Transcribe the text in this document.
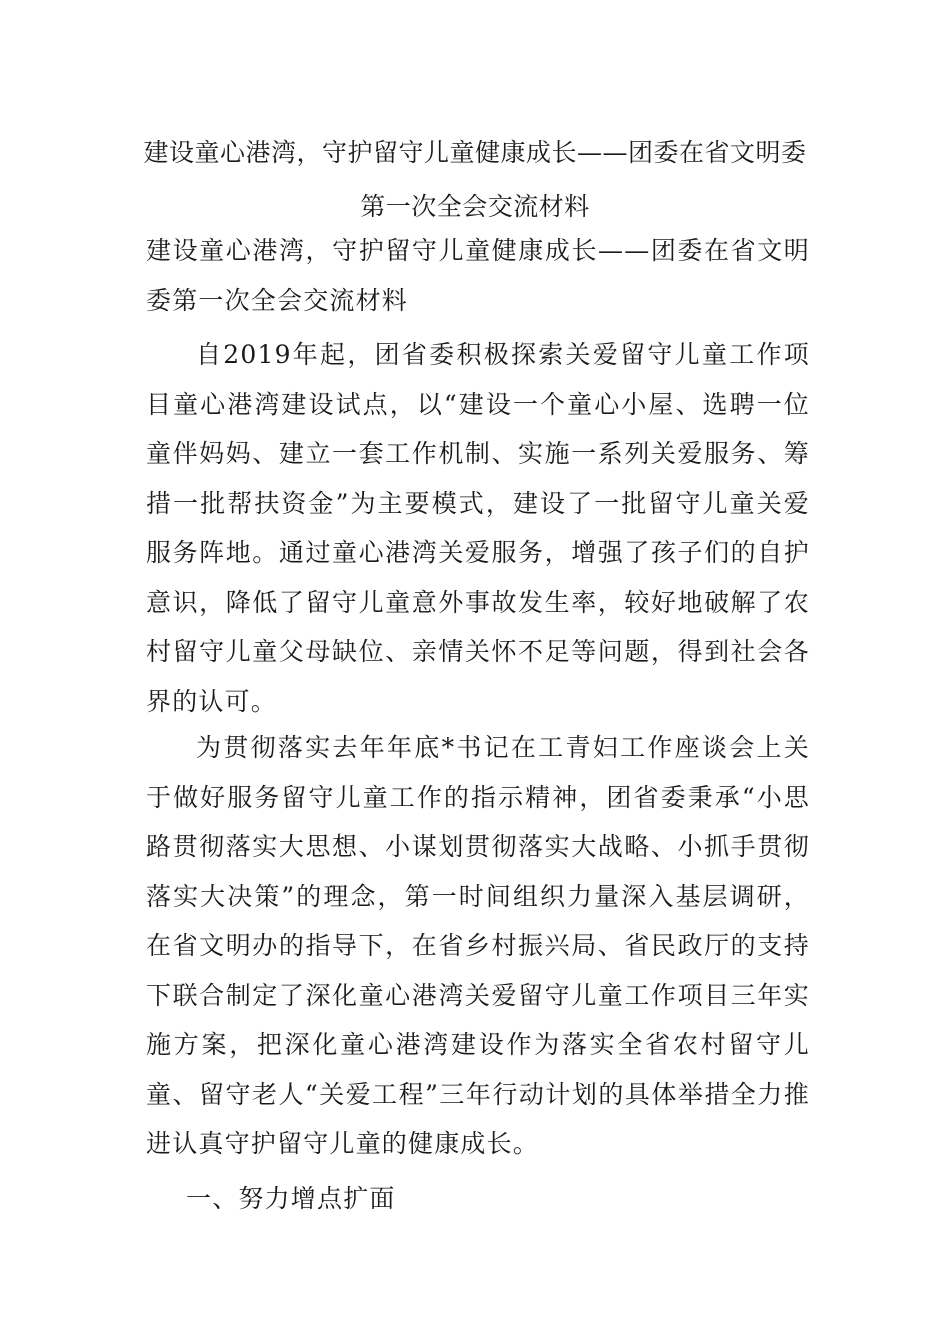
建设童心港湾，守护留守儿童健康成长——团委在省文明委第一次全会交流材料
建设童心港湾，守护留守儿童健康成长——团委在省文明委第一次全会交流材料
自2019年起，团省委积极探索关爱留守儿童工作项目童心港湾建设试点，以“建设一个童心小屋、选聘一位童伴妈妈、建立一套工作机制、实施一系列关爱服务、筹措一批帮扶资金”为主要模式，建设了一批留守儿童关爱服务阵地。通过童心港湾关爱服务，增强了孩子们的自护意识，降低了留守儿童意外事故发生率，较好地破解了农村留守儿童父母缺位、亲情关怀不足等问题，得到社会各界的认可。
为贯彻落实去年年底*书记在工青妇工作座谈会上关于做好服务留守儿童工作的指示精神，团省委秉承“小思路贯彻落实大思想、小谋划贯彻落实大战略、小抓手贯彻落实大决策”的理念，第一时间组织力量深入基层调研，在省文明办的指导下，在省乡村振兴局、省民政厅的支持下联合制定了深化童心港湾关爱留守儿童工作项目三年实施方案，把深化童心港湾建设作为落实全省农村留守儿童、留守老人“关爱工程”三年行动计划的具体举措全力推进认真守护留守儿童的健康成长。
一、努力增点扩面
